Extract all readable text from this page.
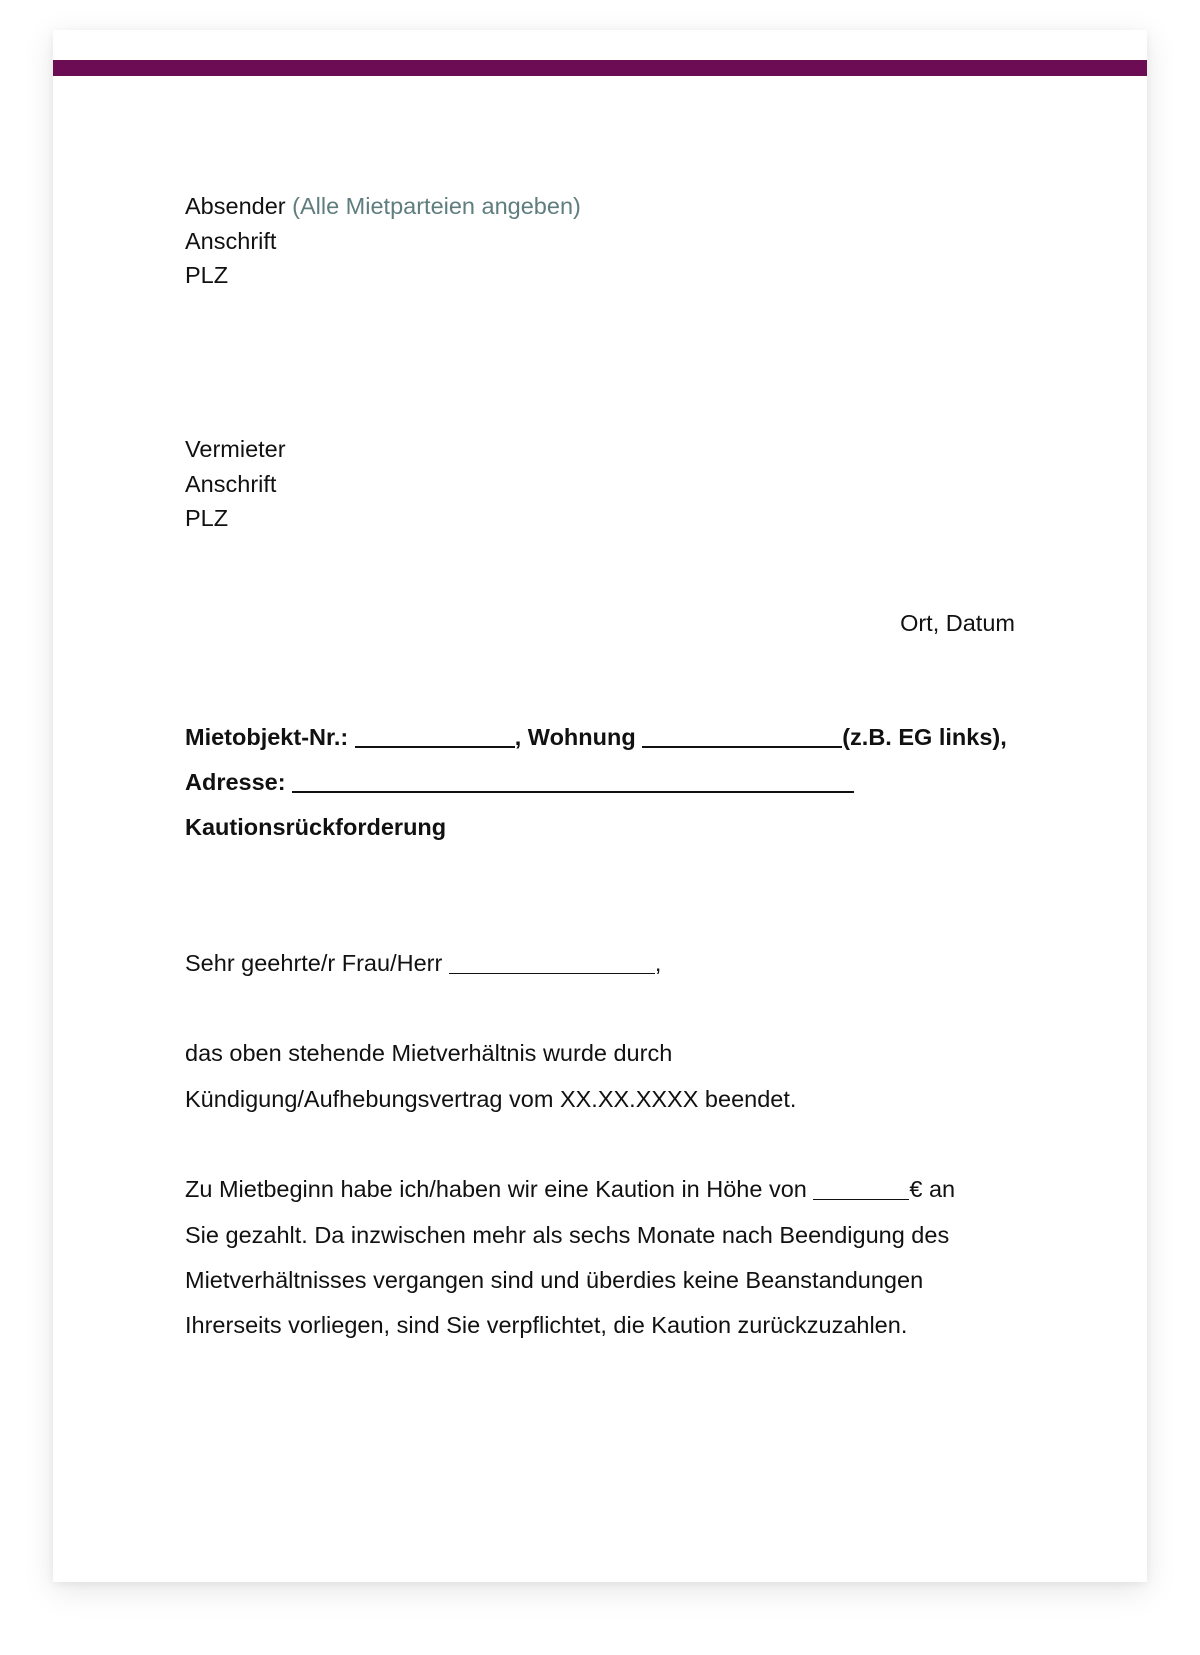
Absender (Alle Mietparteien angeben)
Anschrift
PLZ
Vermieter
Anschrift
PLZ
Ort, Datum
Mietobjekt-Nr.:	, Wohnung	(z.B. EG links),
Adresse:
Kautionsrückforderung
Sehr geehrte/r Frau/Herr	,
das oben stehende Mietverhältnis wurde durch
Kündigung/Aufhebungsvertrag vom XX.XX.XXXX beendet.
Zu Mietbeginn habe ich/haben wir eine Kaution in Höhe von	€ an
Sie gezahlt. Da inzwischen mehr als sechs Monate nach Beendigung des
Mietverhältnisses vergangen sind und überdies keine Beanstandungen
Ihrerseits vorliegen, sind Sie verpflichtet, die Kaution zurückzuzahlen.
